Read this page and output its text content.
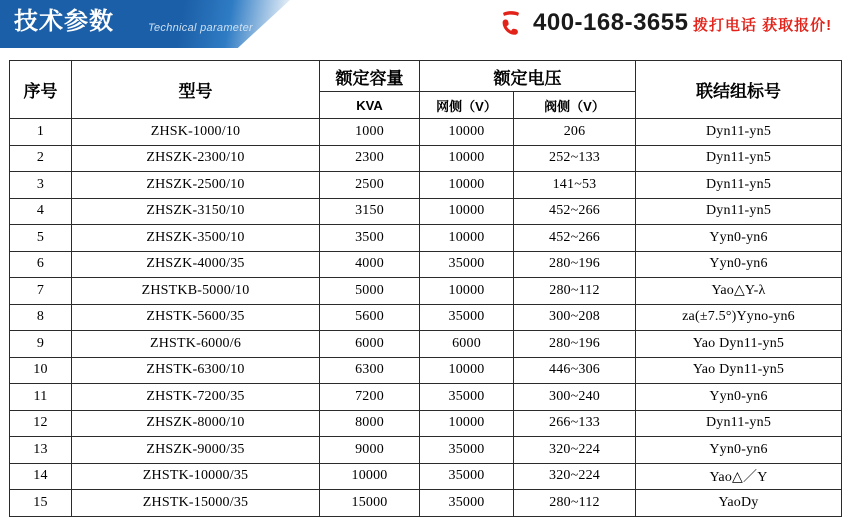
技术参数	Technical parameter	400-168-3655 拨打电话 获取报价!
序号	型号	额定容量	额定电压		联结组标号
		KVA	网侧（V）	阀侧（V）	
1	ZHSK-1000/10	1000	10000	206	Dyn11-yn5
2	ZHSZK-2300/10	2300	10000	252~133	Dyn11-yn5
3	ZHSZK-2500/10	2500	10000	141~53	Dyn11-yn5
4	ZHSZK-3150/10	3150	10000	452~266	Dyn11-yn5
5	ZHSZK-3500/10	3500	10000	452~266	Yyn0-yn6
6	ZHSZK-4000/35	4000	35000	280~196	Yyn0-yn6
7	ZHSTKB-5000/10	5000	10000	280~112	Yao△Y-λ
8	ZHSTK-5600/35	5600	35000	300~208	za(±7.5°)Yyno-yn6
9	ZHSTK-6000/6	6000	6000	280~196	Yao Dyn11-yn5
10	ZHSTK-6300/10	6300	10000	446~306	Yao Dyn11-yn5
11	ZHSTK-7200/35	7200	35000	300~240	Yyn0-yn6
12	ZHSZK-8000/10	8000	10000	266~133	Dyn11-yn5
13	ZHSZK-9000/35	9000	35000	320~224	Yyn0-yn6
14	ZHSTK-10000/35	10000	35000	320~224	Yao△／Y
15	ZHSTK-15000/35	15000	35000	280~112	YaoDy
